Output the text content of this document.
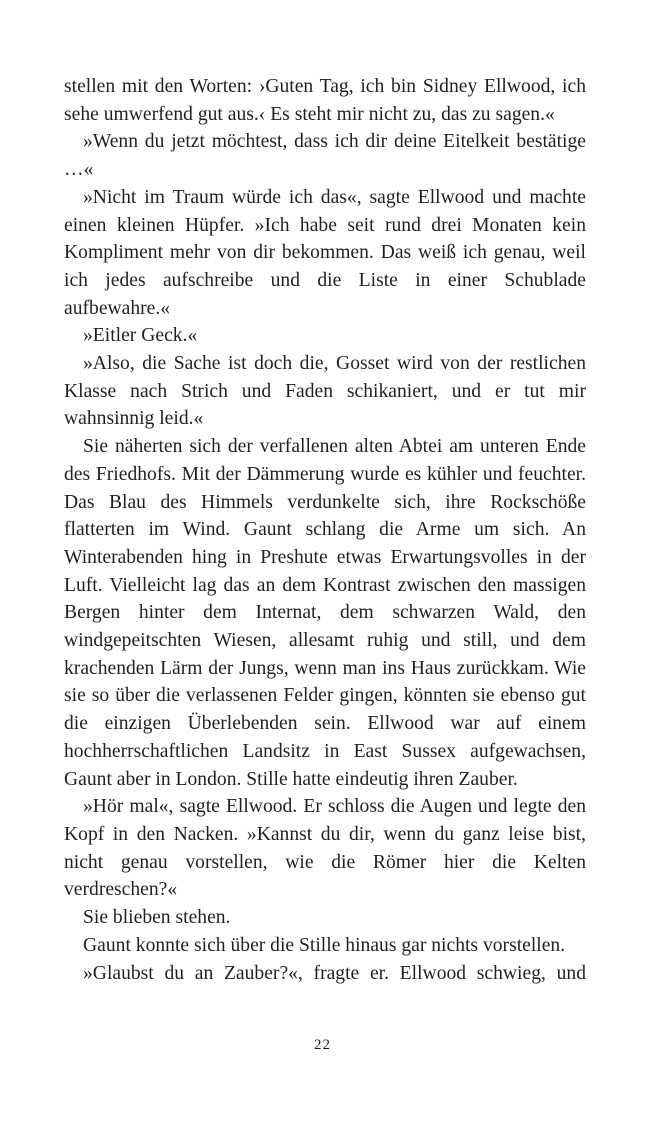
stellen mit den Worten: ›Guten Tag, ich bin Sidney Ellwood, ich sehe umwerfend gut aus.‹ Es steht mir nicht zu, das zu sagen.«

»Wenn du jetzt möchtest, dass ich dir deine Eitelkeit bestätige …«

»Nicht im Traum würde ich das«, sagte Ellwood und machte einen kleinen Hüpfer. »Ich habe seit rund drei Monaten kein Kompliment mehr von dir bekommen. Das weiß ich genau, weil ich jedes aufschreibe und die Liste in einer Schublade aufbewahre.«

»Eitler Geck.«

»Also, die Sache ist doch die, Gosset wird von der restlichen Klasse nach Strich und Faden schikaniert, und er tut mir wahnsinnig leid.«

Sie näherten sich der verfallenen alten Abtei am unteren Ende des Friedhofs. Mit der Dämmerung wurde es kühler und feuchter. Das Blau des Himmels verdunkelte sich, ihre Rockschöße flatterten im Wind. Gaunt schlang die Arme um sich. An Winterabenden hing in Preshute etwas Erwartungsvolles in der Luft. Vielleicht lag das an dem Kontrast zwischen den massigen Bergen hinter dem Internat, dem schwarzen Wald, den windgepeitschten Wiesen, allesamt ruhig und still, und dem krachenden Lärm der Jungs, wenn man ins Haus zurückkam. Wie sie so über die verlassenen Felder gingen, könnten sie ebenso gut die einzigen Überlebenden sein. Ellwood war auf einem hochherrschaftlichen Landsitz in East Sussex aufgewachsen, Gaunt aber in London. Stille hatte eindeutig ihren Zauber.

»Hör mal«, sagte Ellwood. Er schloss die Augen und legte den Kopf in den Nacken. »Kannst du dir, wenn du ganz leise bist, nicht genau vorstellen, wie die Römer hier die Kelten verdreschen?«

Sie blieben stehen.

Gaunt konnte sich über die Stille hinaus gar nichts vorstellen.

»Glaubst du an Zauber?«, fragte er. Ellwood schwieg, und

22
